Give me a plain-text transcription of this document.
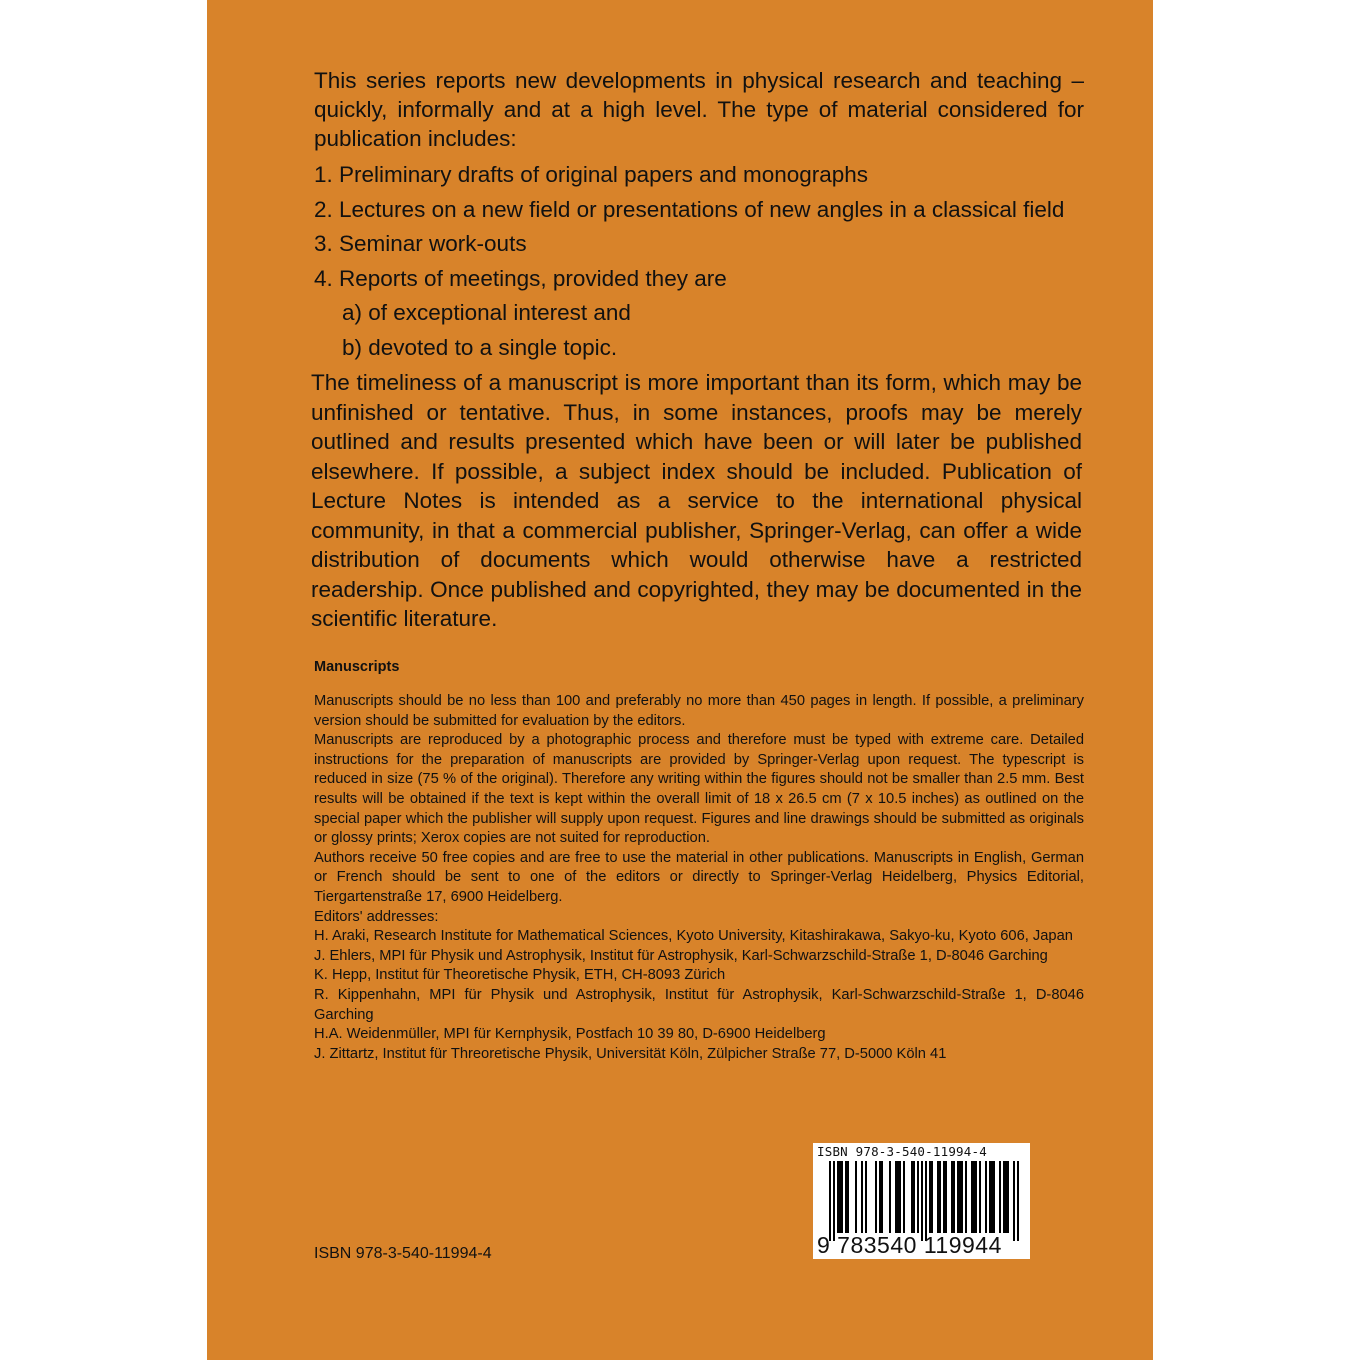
This series reports new developments in physical research and teaching – quickly, informally and at a high level. The type of material considered for publication includes:

1. Preliminary drafts of original papers and monographs
2. Lectures on a new field or presentations of new angles in a classical field
3. Seminar work-outs
4. Reports of meetings, provided they are
a) of exceptional interest and
b) devoted to a single topic.

The timeliness of a manuscript is more important than its form, which may be unfinished or tentative. Thus, in some instances, proofs may be merely outlined and results presented which have been or will later be published elsewhere. If possible, a subject index should be included. Publication of Lecture Notes is intended as a service to the international physical community, in that a commercial publisher, Springer-Verlag, can offer a wide distribution of documents which would otherwise have a restricted readership. Once published and copyrighted, they may be documented in the scientific literature.

Manuscripts

Manuscripts should be no less than 100 and preferably no more than 450 pages in length. If possible, a preliminary version should be submitted for evaluation by the editors.

Manuscripts are reproduced by a photographic process and therefore must be typed with extreme care. Detailed instructions for the preparation of manuscripts are provided by Springer-Verlag upon request. The typescript is reduced in size (75 % of the original). Therefore any writing within the figures should not be smaller than 2.5 mm. Best results will be obtained if the text is kept within the overall limit of 18 x 26.5 cm (7 x 10.5 inches) as outlined on the special paper which the publisher will supply upon request. Figures and line drawings should be submitted as originals or glossy prints; Xerox copies are not suited for reproduction.

Authors receive 50 free copies and are free to use the material in other publications. Manuscripts in English, German or French should be sent to one of the editors or directly to Springer-Verlag Heidelberg, Physics Editorial, Tiergartenstraße 17, 6900 Heidelberg.

Editors' addresses:

H. Araki, Research Institute for Mathematical Sciences, Kyoto University, Kitashirakawa, Sakyo-ku, Kyoto 606, Japan

J. Ehlers, MPI für Physik und Astrophysik, Institut für Astrophysik, Karl-Schwarzschild-Straße 1, D-8046 Garching

K. Hepp, Institut für Theoretische Physik, ETH, CH-8093 Zürich

R. Kippenhahn, MPI für Physik und Astrophysik, Institut für Astrophysik, Karl-Schwarzschild-Straße 1, D-8046 Garching

H.A. Weidenmüller, MPI für Kernphysik, Postfach 10 39 80, D-6900 Heidelberg

J. Zittartz, Institut für Threoretische Physik, Universität Köln, Zülpicher Straße 77, D-5000 Köln 41

ISBN 978-3-540-11994-4

ISBN 978-3-540-11994-4
9 783540 119944
